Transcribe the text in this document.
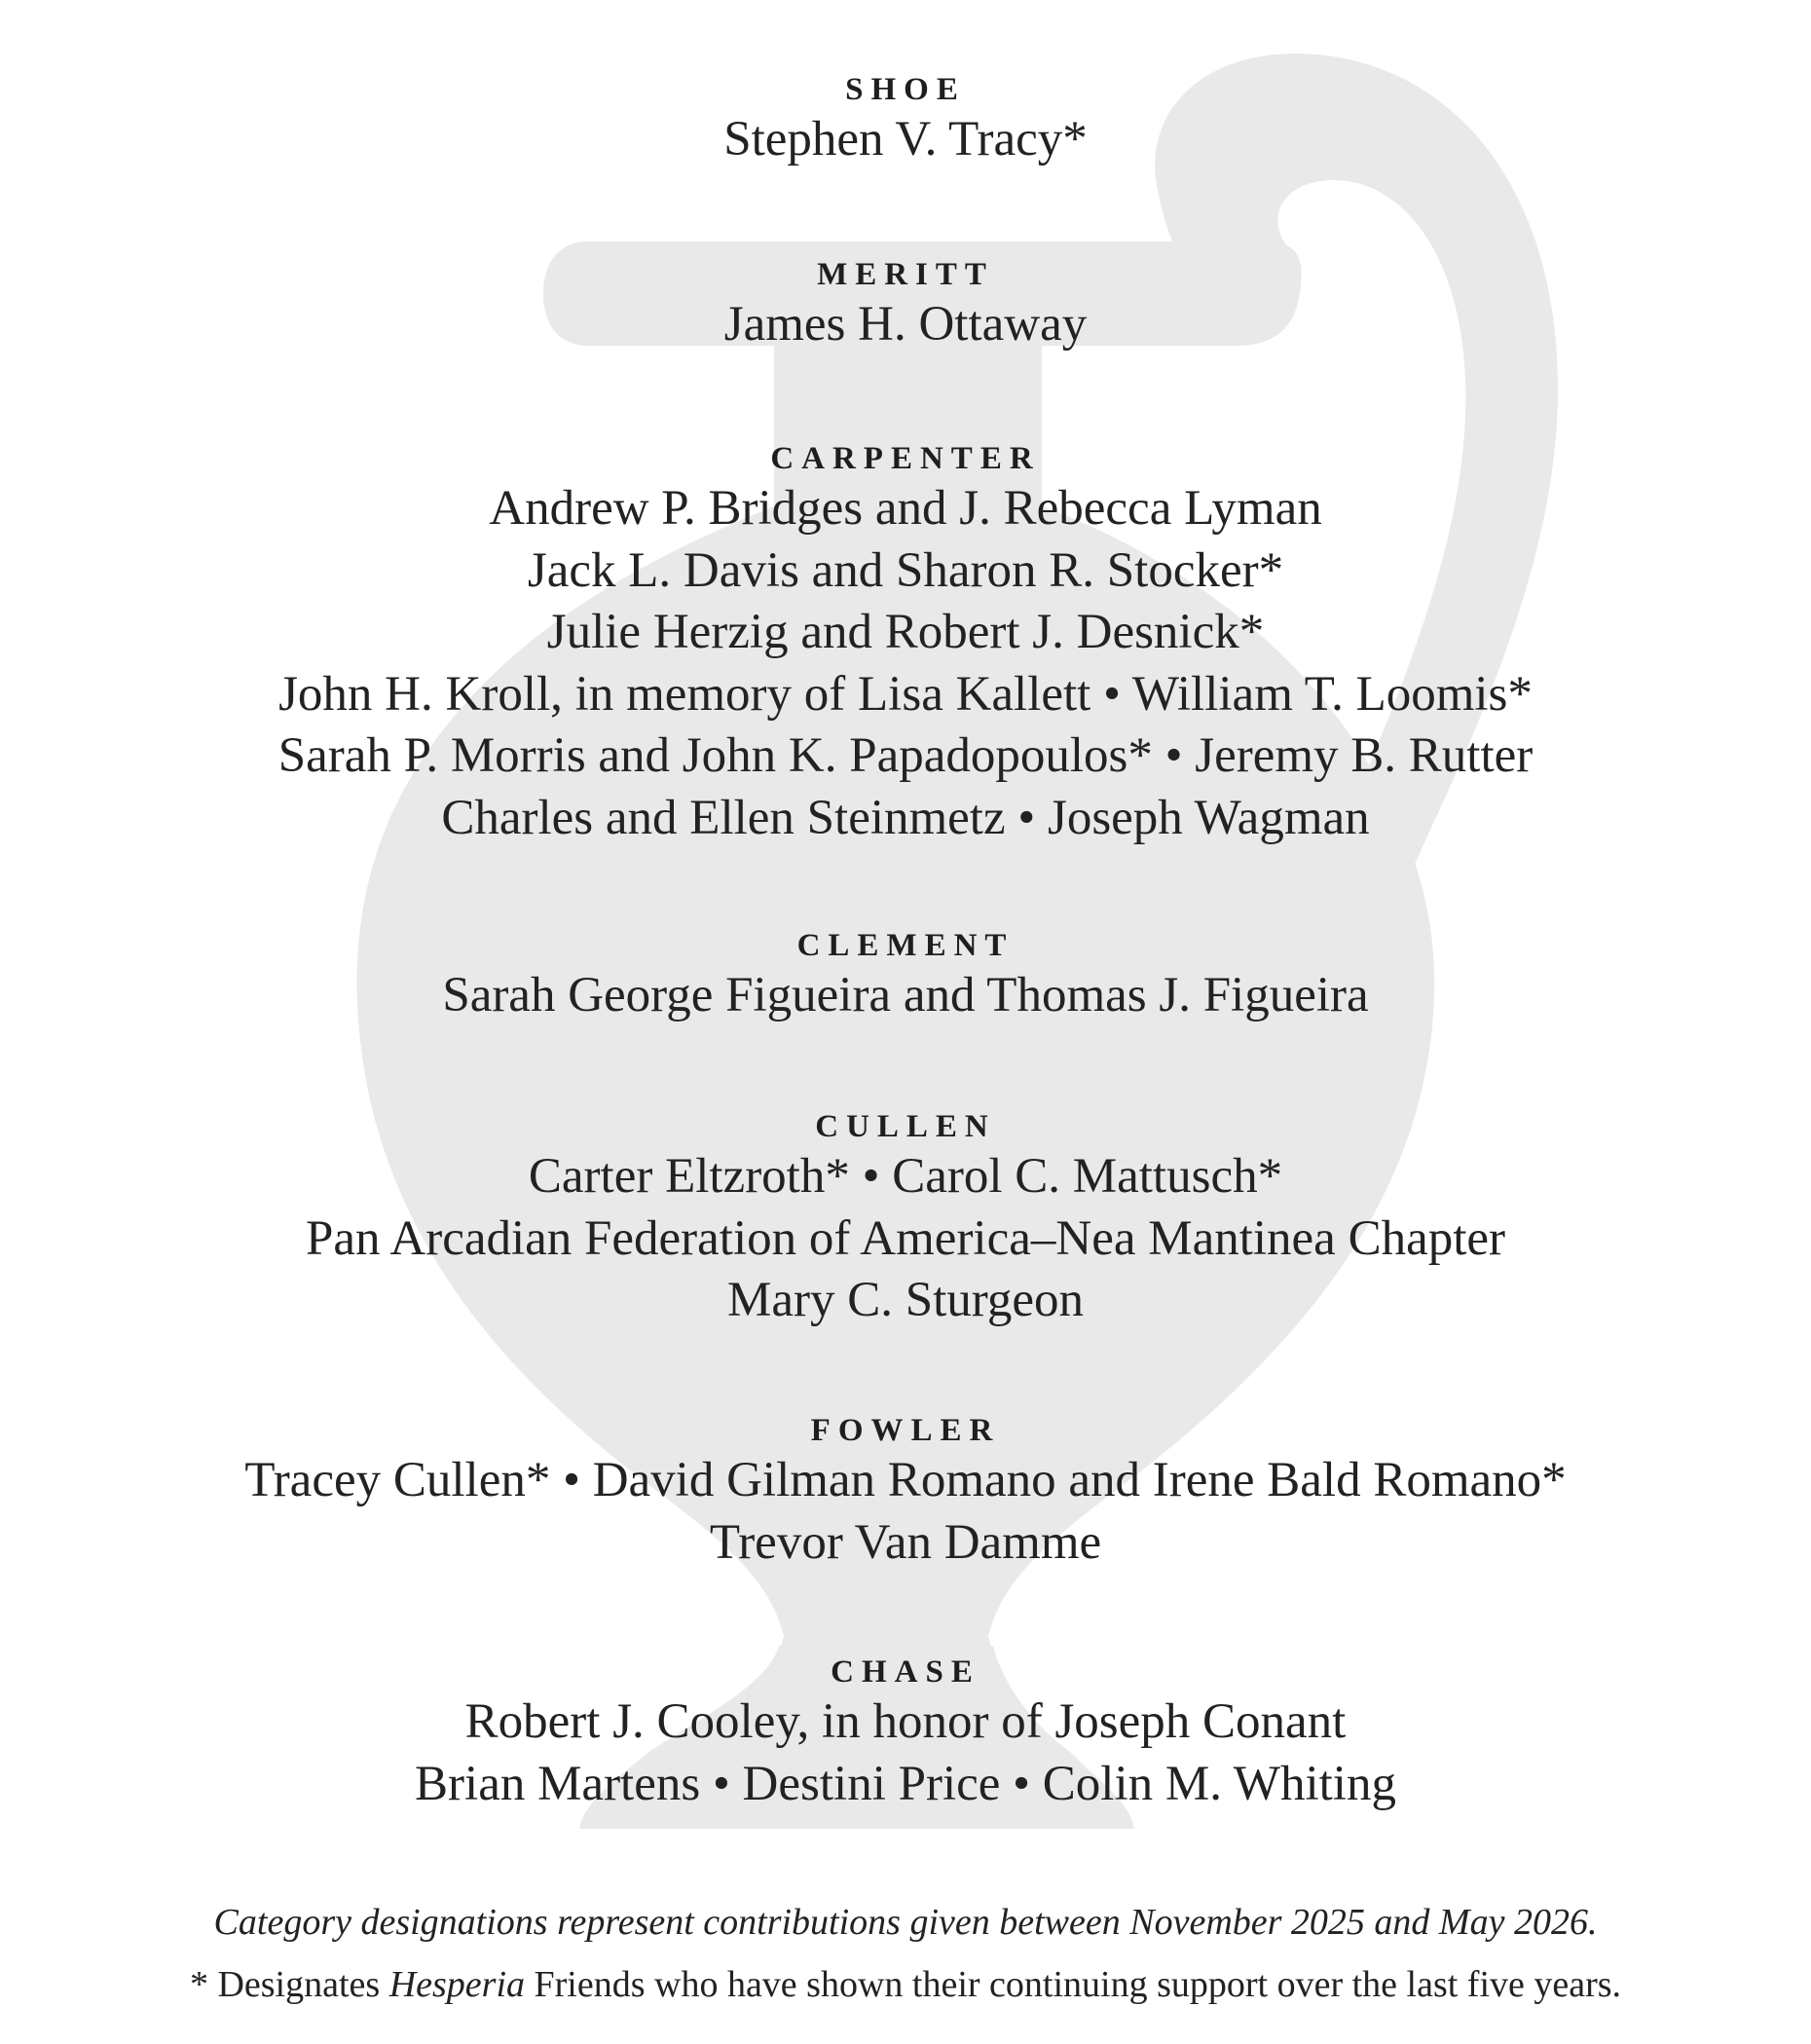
SHOE
Stephen V. Tracy*
MERITT
James H. Ottaway
CARPENTER
Andrew P. Bridges and J. Rebecca Lyman
Jack L. Davis and Sharon R. Stocker*
Julie Herzig and Robert J. Desnick*
John H. Kroll, in memory of Lisa Kallett • William T. Loomis*
Sarah P. Morris and John K. Papadopoulos* • Jeremy B. Rutter
Charles and Ellen Steinmetz • Joseph Wagman
CLEMENT
Sarah George Figueira and Thomas J. Figueira
CULLEN
Carter Eltzroth* • Carol C. Mattusch*
Pan Arcadian Federation of America–Nea Mantinea Chapter
Mary C. Sturgeon
FOWLER
Tracey Cullen* • David Gilman Romano and Irene Bald Romano*
Trevor Van Damme
CHASE
Robert J. Cooley, in honor of Joseph Conant
Brian Martens • Destini Price • Colin M. Whiting
Category designations represent contributions given between November 2025 and May 2026.
* Designates Hesperia Friends who have shown their continuing support over the last five years.
